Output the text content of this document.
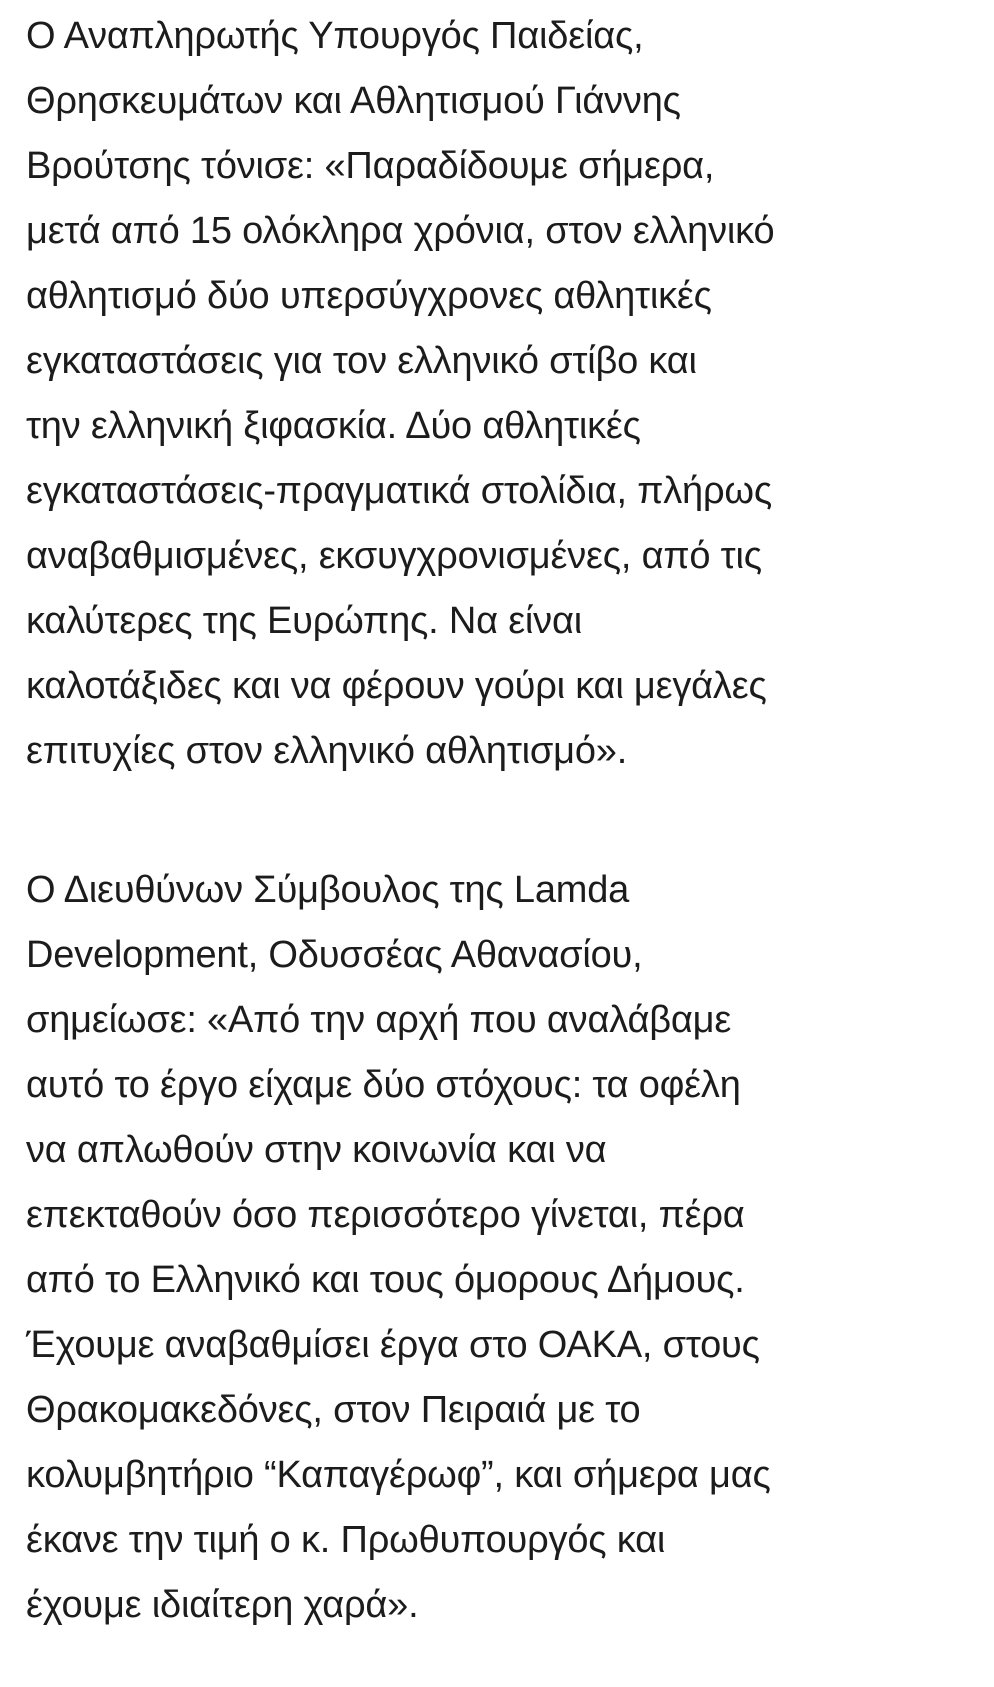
Ο Αναπληρωτής Υπουργός Παιδείας,
Θρησκευμάτων και Αθλητισμού Γιάννης
Βρούτσης τόνισε: «Παραδίδουμε σήμερα,
μετά από 15 ολόκληρα χρόνια, στον ελληνικό
αθλητισμό δύο υπερσύγχρονες αθλητικές
εγκαταστάσεις για τον ελληνικό στίβο και
την ελληνική ξιφασκία. Δύο αθλητικές
εγκαταστάσεις-πραγματικά στολίδια, πλήρως
αναβαθμισμένες, εκσυγχρονισμένες, από τις
καλύτερες της Ευρώπης. Να είναι
καλοτάξιδες και να φέρουν γούρι και μεγάλες
επιτυχίες στον ελληνικό αθλητισμό».
Ο Διευθύνων Σύμβουλος της Lamda
Development, Οδυσσέας Αθανασίου,
σημείωσε: «Από την αρχή που αναλάβαμε
αυτό το έργο είχαμε δύο στόχους: τα οφέλη
να απλωθούν στην κοινωνία και να
επεκταθούν όσο περισσότερο γίνεται, πέρα
από το Ελληνικό και τους όμορους Δήμους.
Έχουμε αναβαθμίσει έργα στο ΟΑΚΑ, στους
Θρακομακεδόνες, στον Πειραιά με το
κολυμβητήριο “Καπαγέρωφ”, και σήμερα μας
έκανε την τιμή ο κ. Πρωθυπουργός και
έχουμε ιδιαίτερη χαρά».
